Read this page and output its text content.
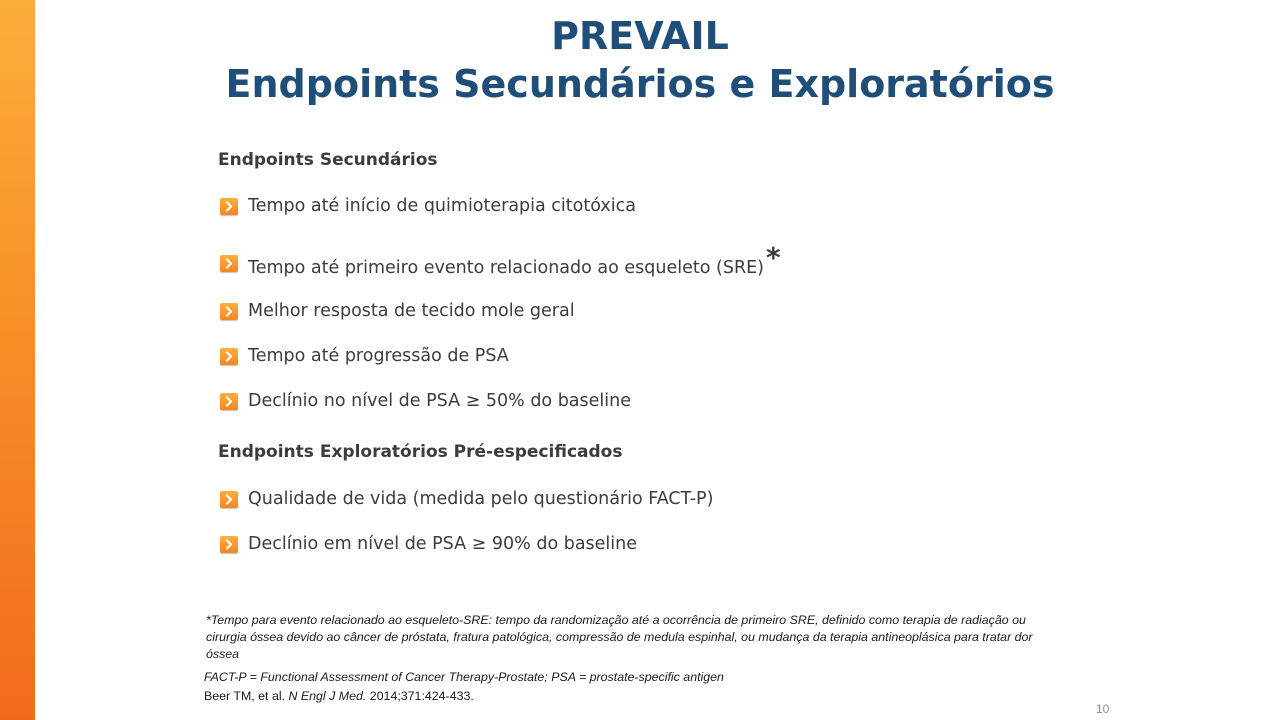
PREVAIL
Endpoints Secundários e Exploratórios
Endpoints Secundários
Tempo até início de quimioterapia citotóxica
Tempo até primeiro evento relacionado ao esqueleto (SRE)*
Melhor resposta de tecido mole geral
Tempo até progressão de PSA
Declínio no nível de PSA ≥ 50% do baseline
Endpoints Exploratórios Pré-especificados
Qualidade de vida (medida pelo questionário FACT-P)
Declínio em nível de PSA ≥ 90% do baseline
*Tempo para evento relacionado ao esqueleto-SRE: tempo da randomização até a ocorrência de primeiro SRE, definido como terapia de radiação ou cirurgia óssea devido ao câncer de próstata, fratura patológica, compressão de medula espinhal, ou mudança da terapia antineoplásica para tratar dor óssea
FACT-P = Functional Assessment of Cancer Therapy-Prostate; PSA = prostate-specific antigen
Beer TM, et al. N Engl J Med. 2014;371:424-433.
10
